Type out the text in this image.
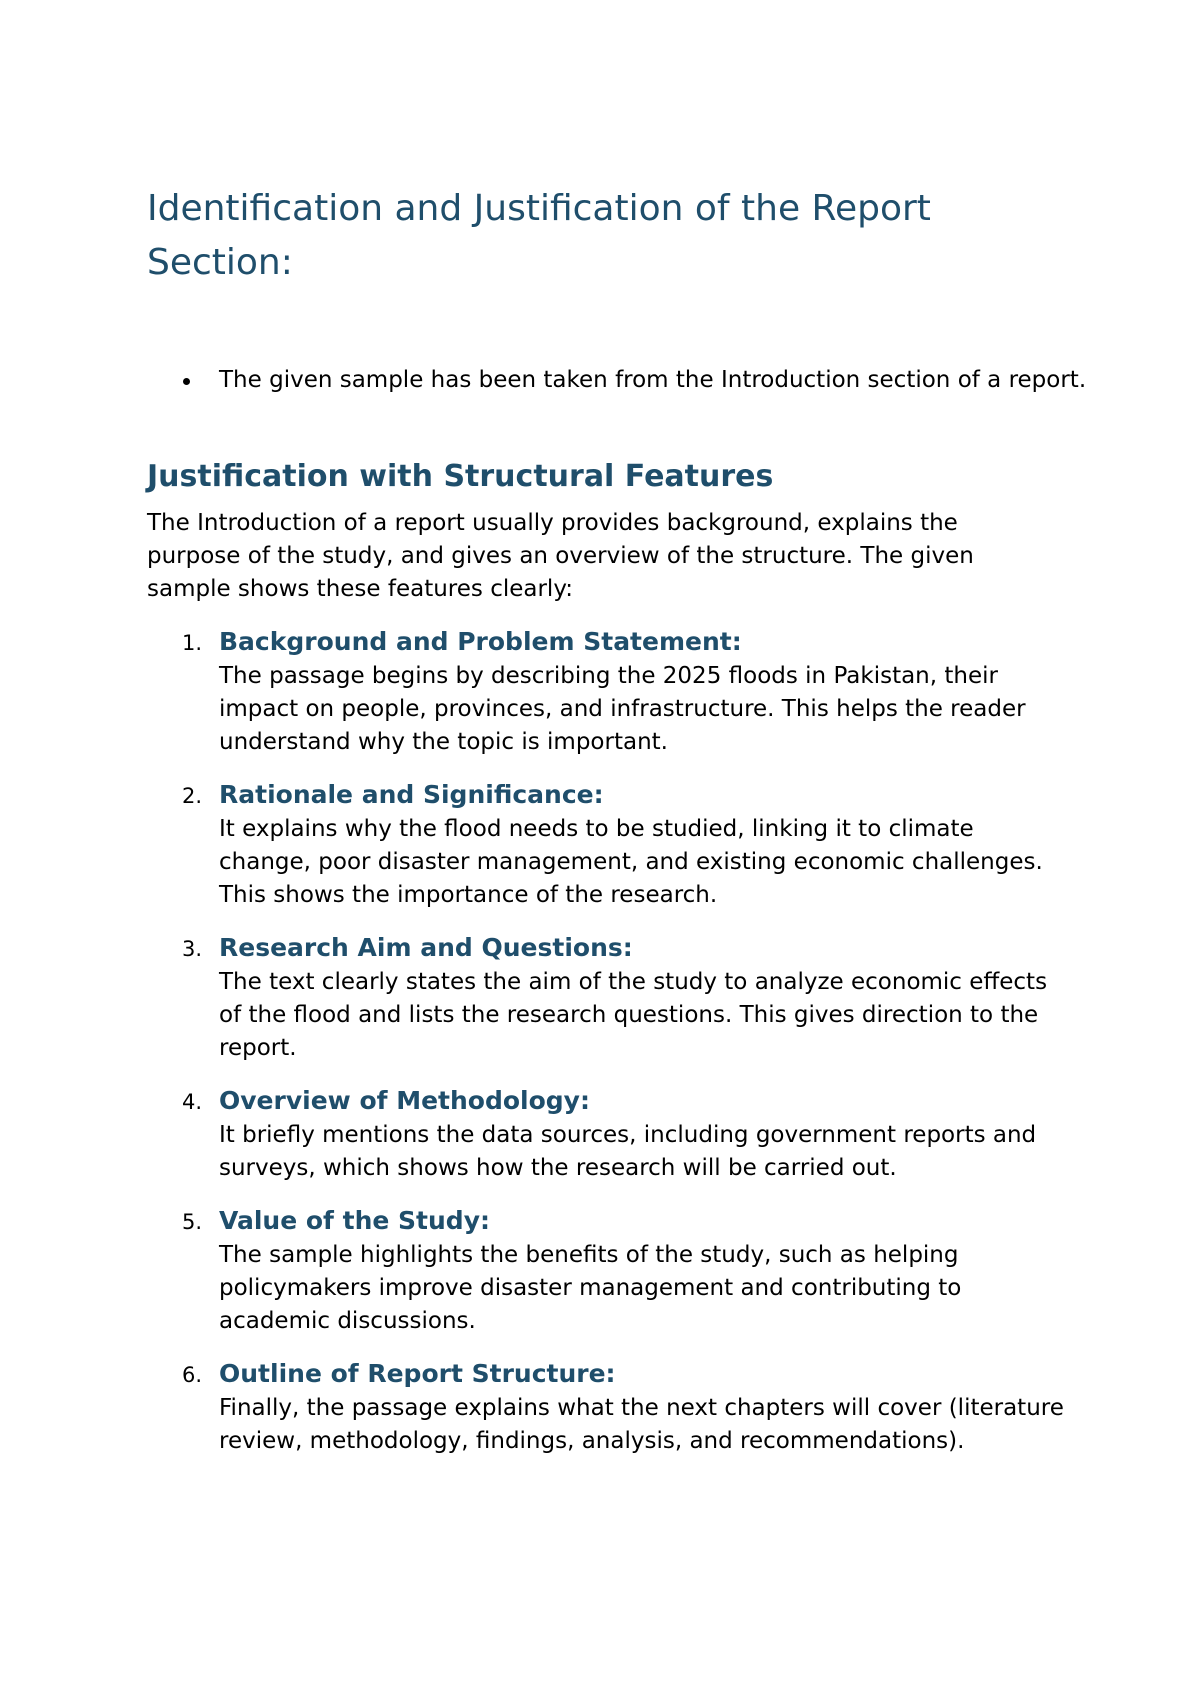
Identification and Justification of the Report Section:
The given sample has been taken from the Introduction section of a report.
Justification with Structural Features

The Introduction of a report usually provides background, explains the purpose of the study, and gives an overview of the structure. The given sample shows these features clearly:

1. Background and Problem Statement:
The passage begins by describing the 2025 floods in Pakistan, their impact on people, provinces, and infrastructure. This helps the reader understand why the topic is important.
2. Rationale and Significance:
It explains why the flood needs to be studied, linking it to climate change, poor disaster management, and existing economic challenges. This shows the importance of the research.
3. Research Aim and Questions:
The text clearly states the aim of the study to analyze economic effects of the flood and lists the research questions. This gives direction to the report.
4. Overview of Methodology:
It briefly mentions the data sources, including government reports and surveys, which shows how the research will be carried out.
5. Value of the Study:
The sample highlights the benefits of the study, such as helping policymakers improve disaster management and contributing to academic discussions.
6. Outline of Report Structure:
Finally, the passage explains what the next chapters will cover (literature review, methodology, findings, analysis, and recommendations).
